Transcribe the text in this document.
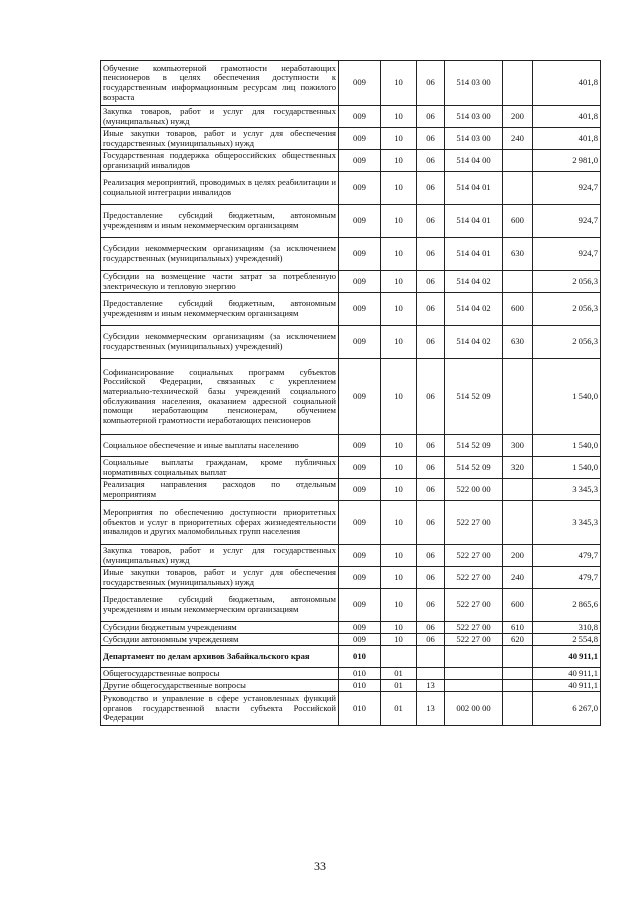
Обучение компьютерной грамотности неработающих пенсионеров в целях обеспечения доступности к государственным информационным ресурсам лиц пожилого возраста	009	10	06	514 03 00		401,8
Закупка товаров, работ и услуг для государственных (муниципальных) нужд	009	10	06	514 03 00	200	401,8
Иные закупки товаров, работ и услуг для обеспечения государственных (муниципальных) нужд	009	10	06	514 03 00	240	401,8
Государственная поддержка общероссийских общественных организаций инвалидов	009	10	06	514 04 00		2 981,0
Реализация мероприятий, проводимых в целях реабилитации и социальной интеграции инвалидов	009	10	06	514 04 01		924,7
Предоставление субсидий бюджетным, автономным учреждениям и иным некоммерческим организациям	009	10	06	514 04 01	600	924,7
Субсидии некоммерческим организациям (за исключением государственных (муниципальных) учреждений)	009	10	06	514 04 01	630	924,7
Субсидии на возмещение части затрат за потребленную электрическую и тепловую энергию	009	10	06	514 04 02		2 056,3
Предоставление субсидий бюджетным, автономным учреждениям и иным некоммерческим организациям	009	10	06	514 04 02	600	2 056,3
Субсидии некоммерческим организациям (за исключением государственных (муниципальных) учреждений)	009	10	06	514 04 02	630	2 056,3
Софинансирование социальных программ субъектов Российской Федерации, связанных с укреплением материально-технической базы учреждений социального обслуживания населения, оказанием адресной социальной помощи неработающим пенсионерам, обучением компьютерной грамотности неработающих пенсионеров	009	10	06	514 52 09		1 540,0
Социальное обеспечение и иные выплаты населению	009	10	06	514 52 09	300	1 540,0
Социальные выплаты гражданам, кроме публичных нормативных социальных выплат	009	10	06	514 52 09	320	1 540,0
Реализация направления расходов по отдельным мероприятиям	009	10	06	522 00 00		3 345,3
Мероприятия по обеспечению доступности приоритетных объектов и услуг в приоритетных сферах жизнедеятельности инвалидов и других маломобильных групп населения	009	10	06	522 27 00		3 345,3
Закупка товаров, работ и услуг для государственных (муниципальных) нужд	009	10	06	522 27 00	200	479,7
Иные закупки товаров, работ и услуг для обеспечения государственных (муниципальных) нужд	009	10	06	522 27 00	240	479,7
Предоставление субсидий бюджетным, автономным учреждениям и иным некоммерческим организациям	009	10	06	522 27 00	600	2 865,6
Субсидии бюджетным учреждениям	009	10	06	522 27 00	610	310,8
Субсидии автономным учреждениям	009	10	06	522 27 00	620	2 554,8
Департамент по делам архивов Забайкальского края	010					40 911,1
Общегосударственные вопросы	010	01				40 911,1
Другие общегосударственные вопросы	010	01	13			40 911,1
Руководство и управление в сфере установленных функций органов государственной власти субъекта Российской Федерации	010	01	13	002 00 00		6 267,0
33
